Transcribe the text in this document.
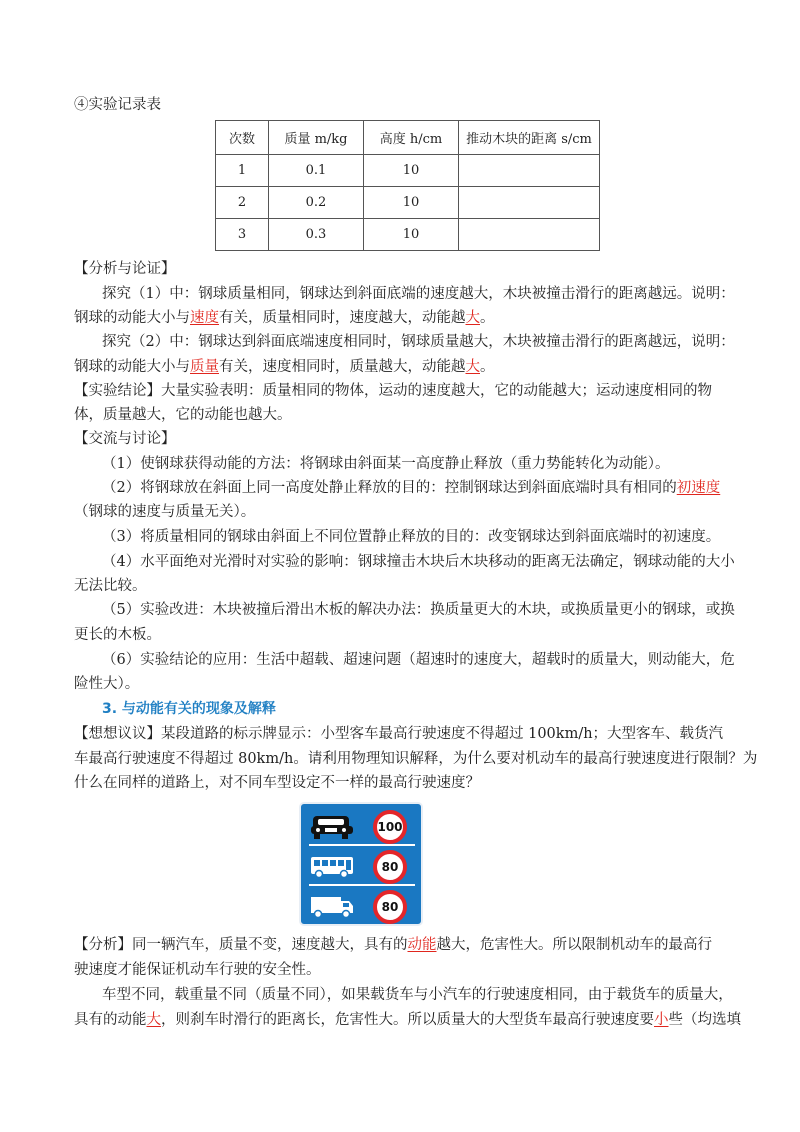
④实验记录表
次数	质量 m/kg	高度 h/cm	推动木块的距离 s/cm
1	0.1	10	
2	0.2	10	
3	0.3	10	
【分析与论证】
探究（1）中：钢球质量相同，钢球达到斜面底端的速度越大，木块被撞击滑行的距离越远。说明：
钢球的动能大小与速度有关，质量相同时，速度越大，动能越大。
探究（2）中：钢球达到斜面底端速度相同时，钢球质量越大，木块被撞击滑行的距离越远，说明：
钢球的动能大小与质量有关，速度相同时，质量越大，动能越大。
【实验结论】大量实验表明：质量相同的物体，运动的速度越大，它的动能越大；运动速度相同的物
体，质量越大，它的动能也越大。
【交流与讨论】
（1）使钢球获得动能的方法：将钢球由斜面某一高度静止释放（重力势能转化为动能）。
（2）将钢球放在斜面上同一高度处静止释放的目的：控制钢球达到斜面底端时具有相同的初速度
（钢球的速度与质量无关）。
（3）将质量相同的钢球由斜面上不同位置静止释放的目的：改变钢球达到斜面底端时的初速度。
（4）水平面绝对光滑时对实验的影响：钢球撞击木块后木块移动的距离无法确定，钢球动能的大小
无法比较。
（5）实验改进：木块被撞后滑出木板的解决办法：换质量更大的木块，或换质量更小的钢球，或换
更长的木板。
（6）实验结论的应用：生活中超载、超速问题（超速时的速度大，超载时的质量大，则动能大，危
险性大）。
3. 与动能有关的现象及解释
【想想议议】某段道路的标示牌显示：小型客车最高行驶速度不得超过 100km/h；大型客车、载货汽
车最高行驶速度不得超过 80km/h。请利用物理知识解释，为什么要对机动车的最高行驶速度进行限制？为
什么在同样的道路上，对不同车型设定不一样的最高行驶速度？
100
80
80
【分析】同一辆汽车，质量不变，速度越大，具有的动能越大，危害性大。所以限制机动车的最高行
驶速度才能保证机动车行驶的安全性。
车型不同，载重量不同（质量不同），如果载货车与小汽车的行驶速度相同，由于载货车的质量大，
具有的动能大，则刹车时滑行的距离长，危害性大。所以质量大的大型货车最高行驶速度要小些（均选填
